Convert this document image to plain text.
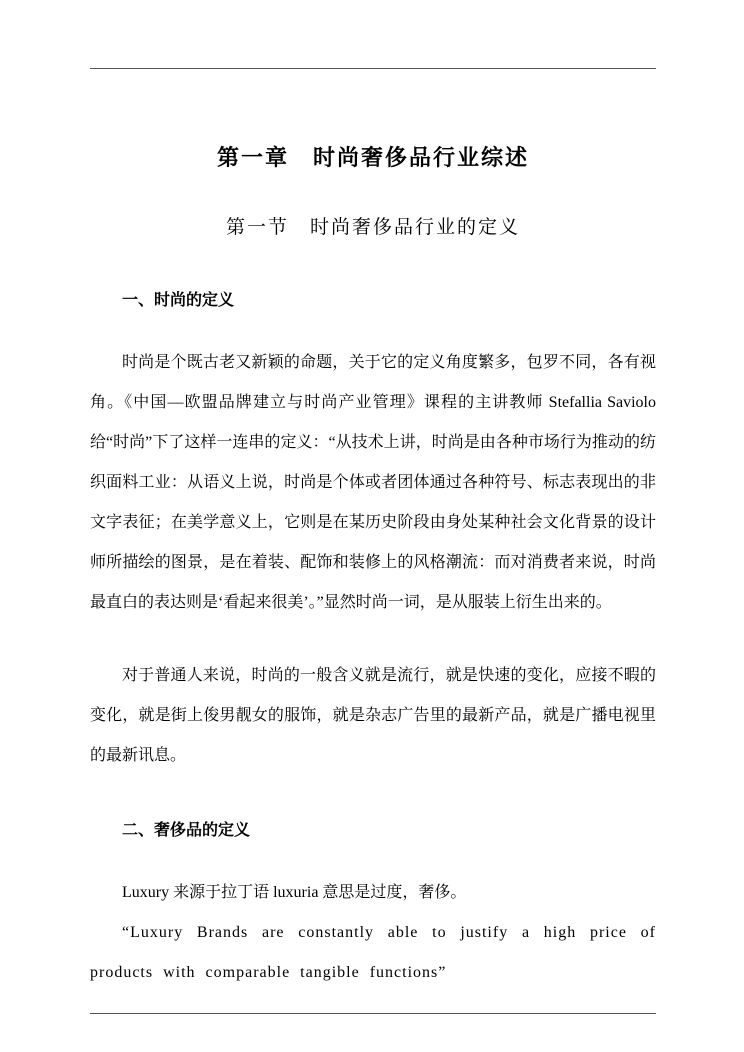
第一章　时尚奢侈品行业综述
第一节　时尚奢侈品行业的定义
一、时尚的定义

时尚是个既古老又新颖的命题，关于它的定义角度繁多，包罗不同，各有视角。《中国—欧盟品牌建立与时尚产业管理》课程的主讲教师 Stefallia Saviolo 给“时尚”下了这样一连串的定义：“从技术上讲，时尚是由各种市场行为推动的纺织面料工业：从语义上说，时尚是个体或者团体通过各种符号、标志表现出的非文字表征；在美学意义上，它则是在某历史阶段由身处某种社会文化背景的设计师所描绘的图景，是在着装、配饰和装修上的风格潮流：而对消费者来说，时尚最直白的表达则是‘看起来很美’。”显然时尚一词，是从服装上衍生出来的。

对于普通人来说，时尚的一般含义就是流行，就是快速的变化，应接不暇的变化，就是街上俊男靓女的服饰，就是杂志广告里的最新产品，就是广播电视里的最新讯息。

二、奢侈品的定义

Luxury 来源于拉丁语 luxuria 意思是过度，奢侈。

“Luxury Brands are constantly able to justify a high price of products with comparable tangible functions”
